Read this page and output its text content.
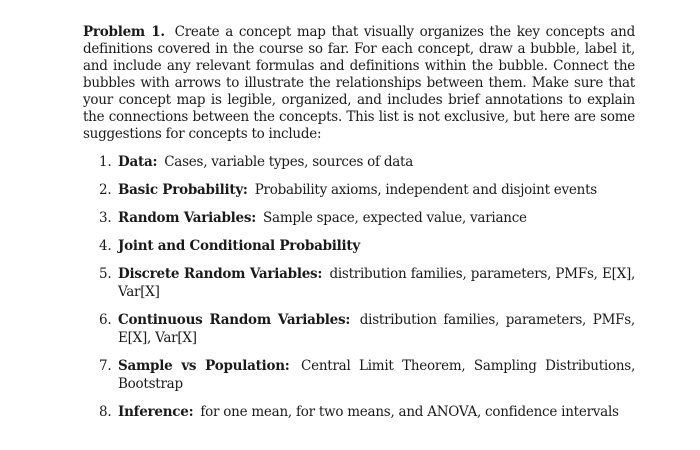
Problem 1. Create a concept map that visually organizes the key concepts and definitions covered in the course so far. For each concept, draw a bubble, label it, and include any relevant formulas and definitions within the bubble. Connect the bubbles with arrows to illustrate the relationships between them. Make sure that your concept map is legible, organized, and includes brief annotations to explain the connections between the concepts. This list is not exclusive, but here are some suggestions for concepts to include:

1. Data: Cases, variable types, sources of data
2. Basic Probability: Probability axioms, independent and disjoint events
3. Random Variables: Sample space, expected value, variance
4. Joint and Conditional Probability
5. Discrete Random Variables: distribution families, parameters, PMFs, E[X], Var[X]
6. Continuous Random Variables: distribution families, parameters, PMFs, E[X], Var[X]
7. Sample vs Population: Central Limit Theorem, Sampling Distributions, Bootstrap
8. Inference: for one mean, for two means, and ANOVA, confidence intervals
